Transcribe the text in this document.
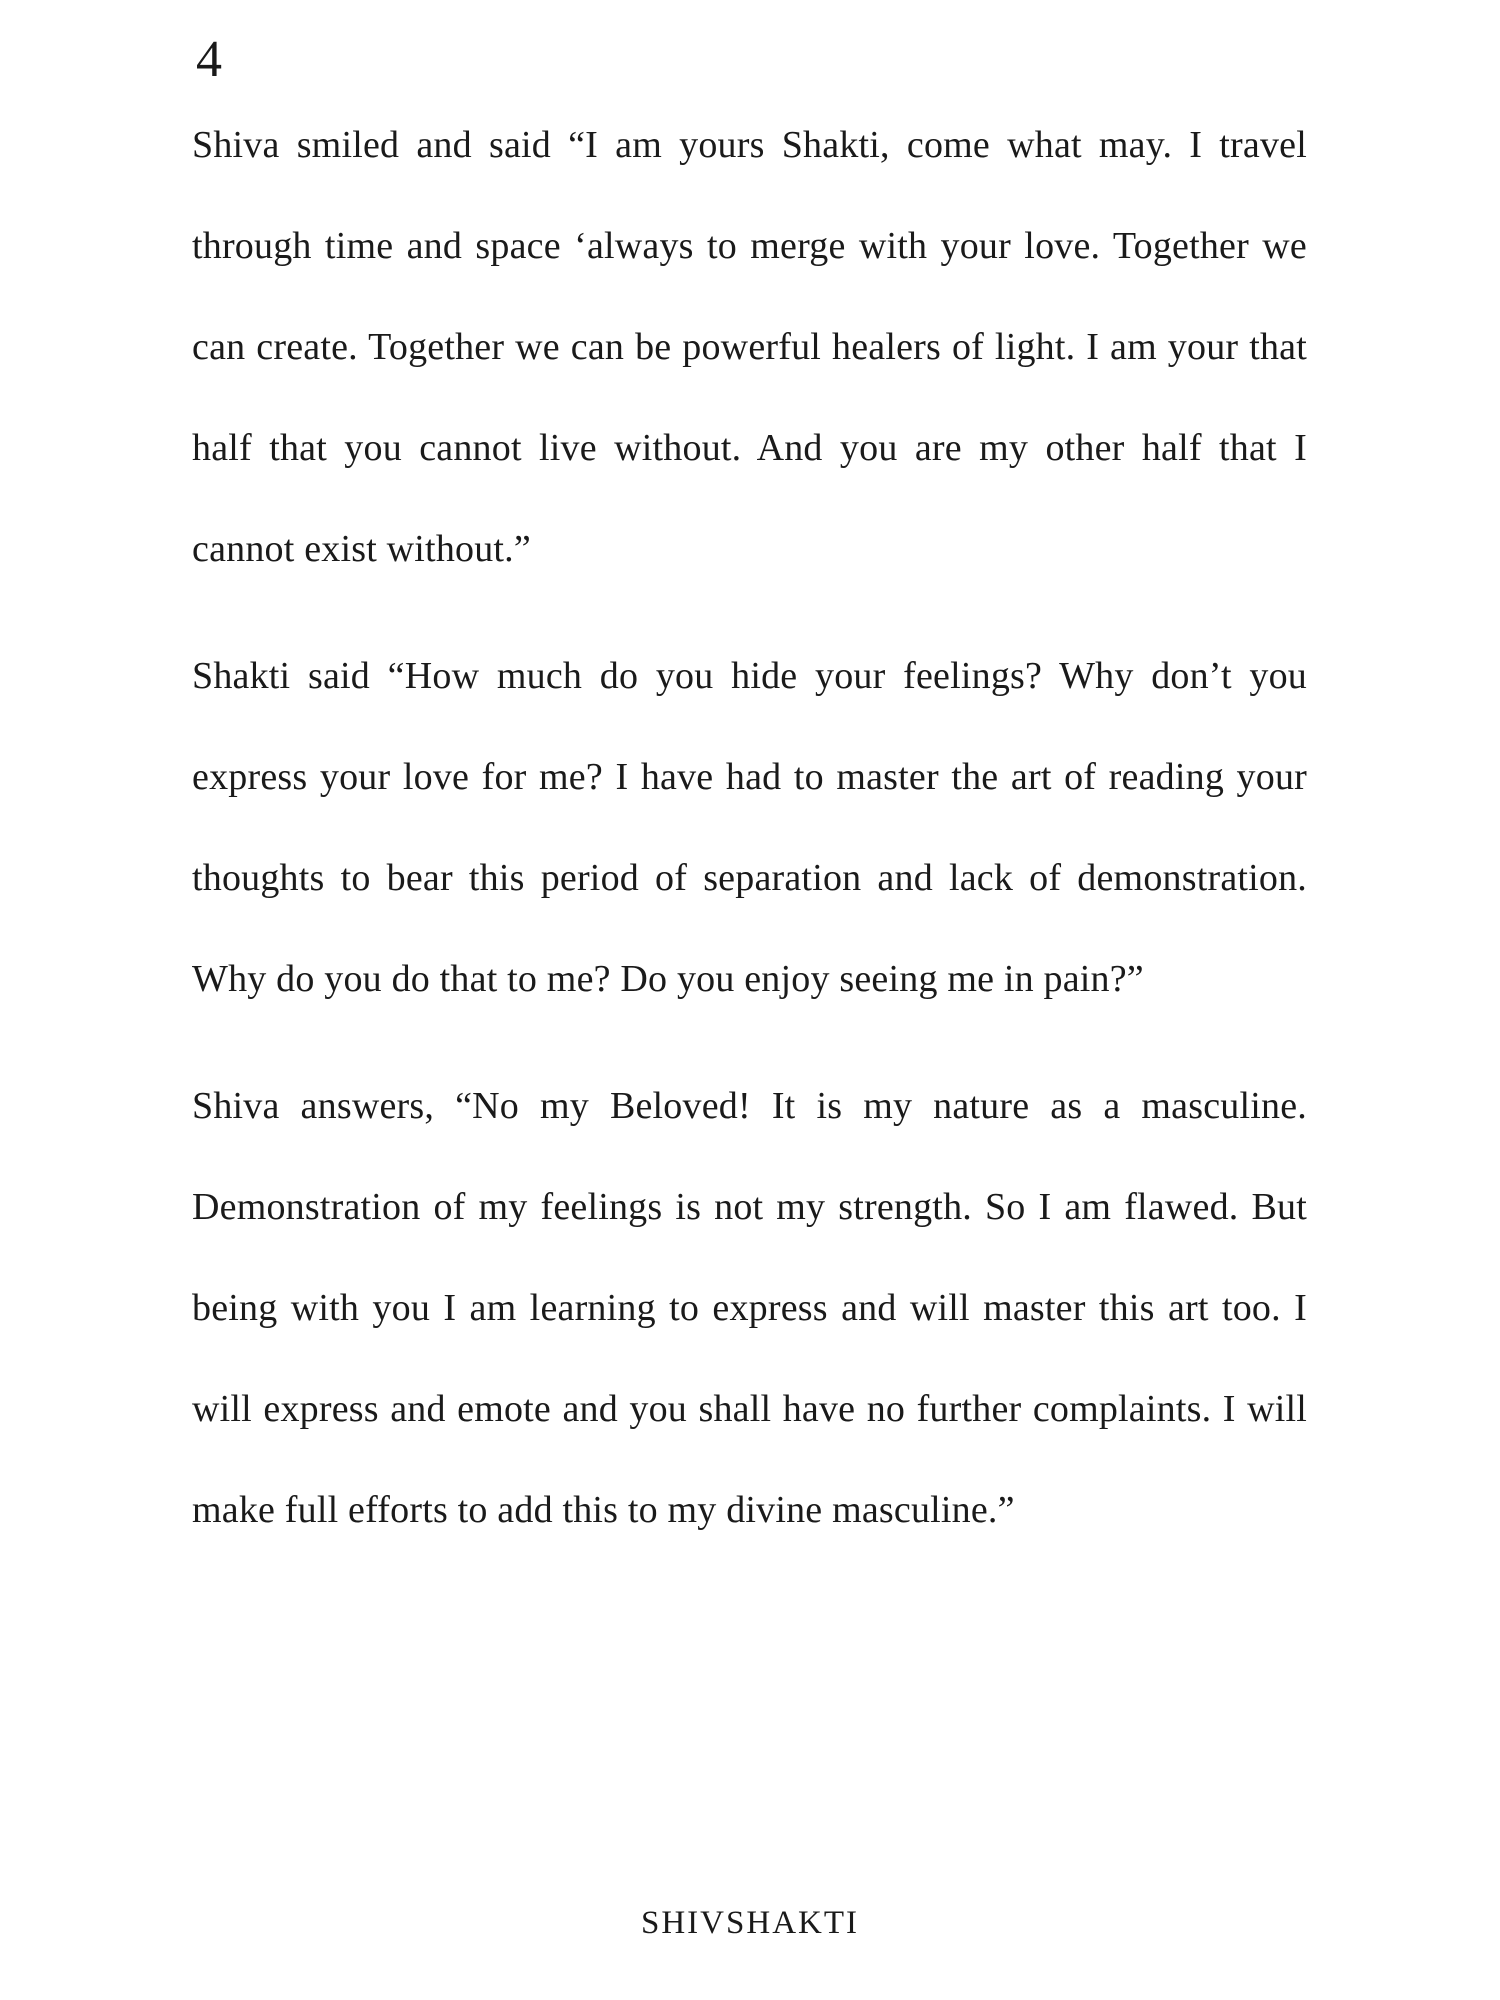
4

Shiva smiled and said “I am yours Shakti, come what may. I travel through time and space ‘always to merge with your love. Together we can create. Together we can be powerful healers of light. I am your that half that you cannot live without. And you are my other half that I cannot exist without.”

Shakti said “How much do you hide your feelings? Why don’t you express your love for me? I have had to master the art of reading your thoughts to bear this period of separation and lack of demonstration. Why do you do that to me? Do you enjoy seeing me in pain?”

Shiva answers, “No my Beloved! It is my nature as a masculine. Demonstration of my feelings is not my strength. So I am flawed. But being with you I am learning to express and will master this art too. I will express and emote and you shall have no further complaints. I will make full efforts to add this to my divine masculine.”

SHIVSHAKTI
